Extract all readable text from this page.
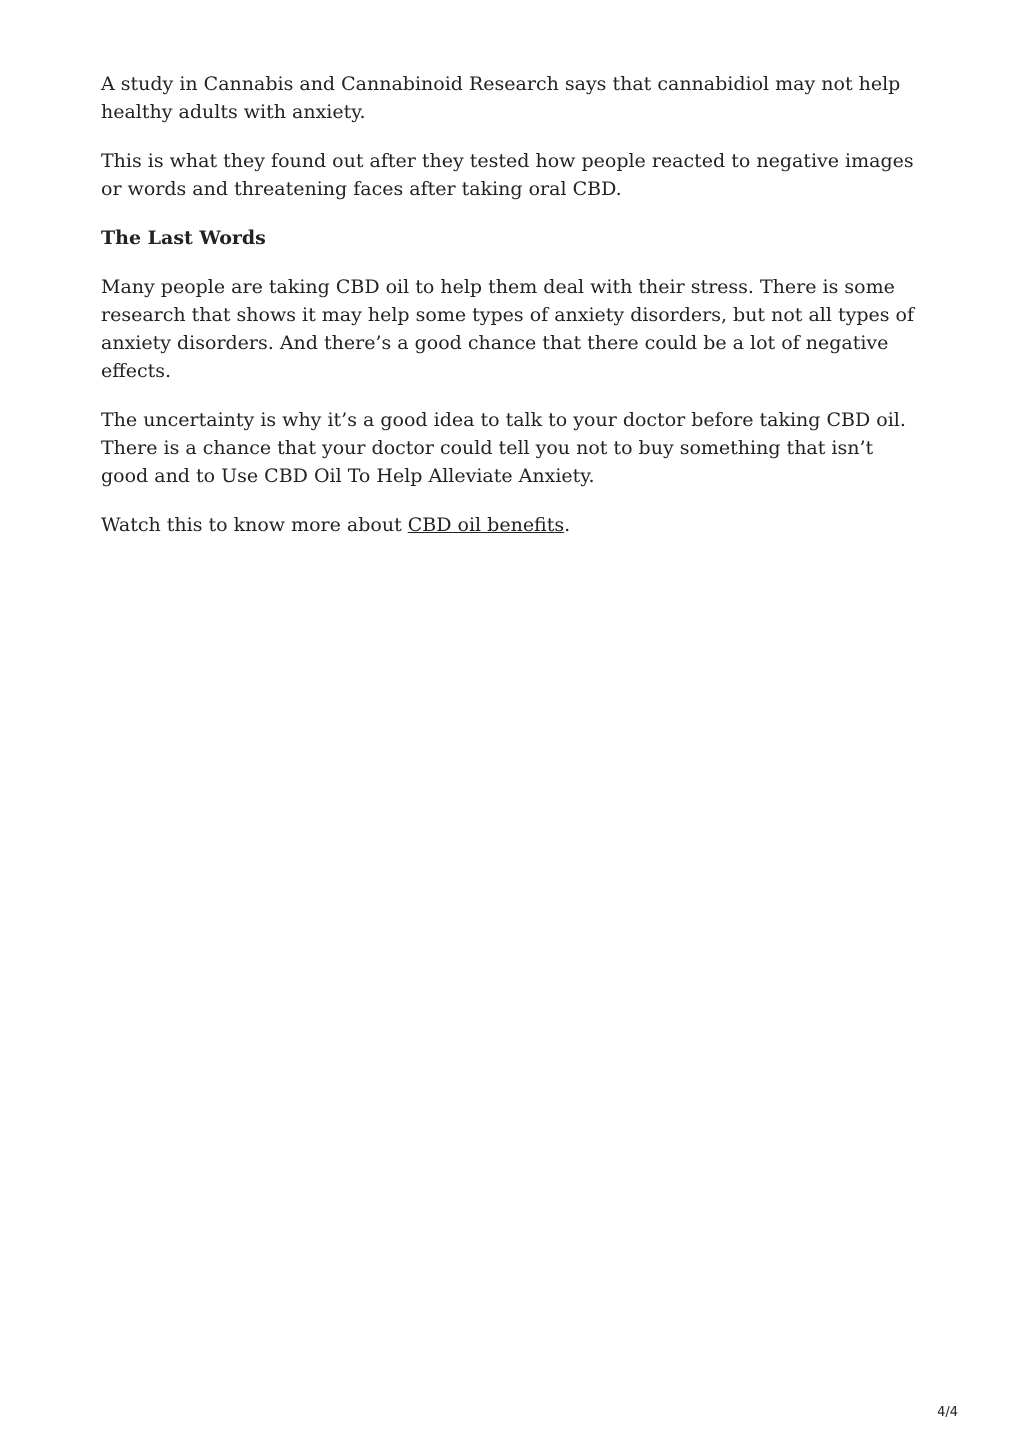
A study in Cannabis and Cannabinoid Research says that cannabidiol may not help healthy adults with anxiety.

This is what they found out after they tested how people reacted to negative images or words and threatening faces after taking oral CBD.

The Last Words

Many people are taking CBD oil to help them deal with their stress. There is some research that shows it may help some types of anxiety disorders, but not all types of anxiety disorders. And there’s a good chance that there could be a lot of negative effects.

The uncertainty is why it’s a good idea to talk to your doctor before taking CBD oil. There is a chance that your doctor could tell you not to buy something that isn’t good and to Use CBD Oil To Help Alleviate Anxiety.

Watch this to know more about CBD oil benefits.

4/4
